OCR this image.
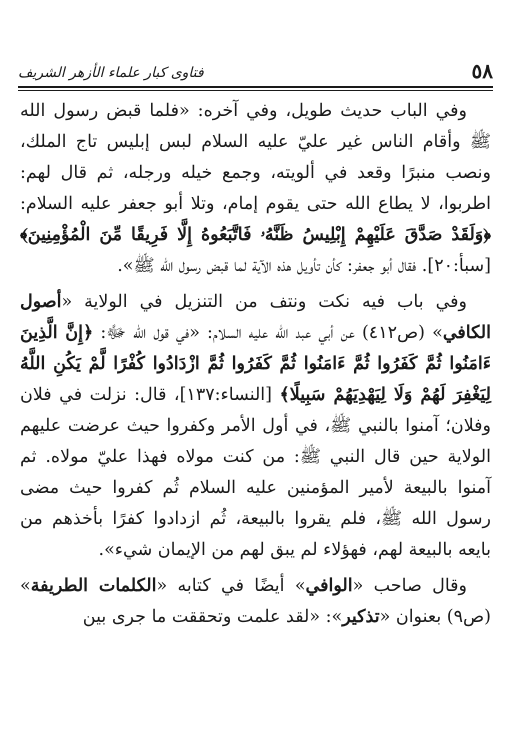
٥٨
فتاوى كبار علماء الأزهر الشريف

وفي الباب حديث طويل، وفي آخره: «فلما قبض رسول الله ﷺ وأقام الناس غير عليّ عليه السلام لبس إبليس تاج الملك، ونصب منبرًا وقعد في ألويته، وجمع خيله ورجله، ثم قال لهم: اطربوا، لا يطاع الله حتى يقوم إمام، وتلا أبو جعفر عليه السلام: ﴿وَلَقَدْ صَدَّقَ عَلَيْهِمْ إِبْلِيسُ ظَنَّهُۥ فَاتَّبَعُوهُ إِلَّا فَرِيقًا مِّنَ الْمُؤْمِنِينَ﴾ [سبأ:٢٠]. فقال أبو جعفر: كأن تأويل هذه الآية لما قبض رسول الله ﷺ».

وفي باب فيه نكت ونتف من التنزيل في الولاية «أصول الكافي» (ص٤١٢) عن أبي عبد الله عليه السلام: «في قول الله ﷻ: ﴿إِنَّ الَّذِينَ ءَامَنُوا ثُمَّ كَفَرُوا ثُمَّ ءَامَنُوا ثُمَّ كَفَرُوا ثُمَّ ازْدَادُوا كُفْرًا لَّمْ يَكُنِ اللَّهُ لِيَغْفِرَ لَهُمْ وَلَا لِيَهْدِيَهُمْ سَبِيلًا﴾ [النساء:١٣٧]، قال: نزلت في فلان وفلان؛ آمنوا بالنبي ﷺ، في أول الأمر وكفروا حيث عرضت عليهم الولاية حين قال النبي ﷺ: من كنت مولاه فهذا عليّ مولاه. ثم آمنوا بالبيعة لأمير المؤمنين عليه السلام ثُم كفروا حيث مضى رسول الله ﷺ، فلم يقروا بالبيعة، ثُم ازدادوا كفرًا بأخذهم من بايعه بالبيعة لهم، فهؤلاء لم يبق لهم من الإيمان شيء».

وقال صاحب «الوافي» أيضًا في كتابه «الكلمات الطريفة» (ص٩) بعنوان «تذكير»: «لقد علمت وتحققت ما جرى بين
